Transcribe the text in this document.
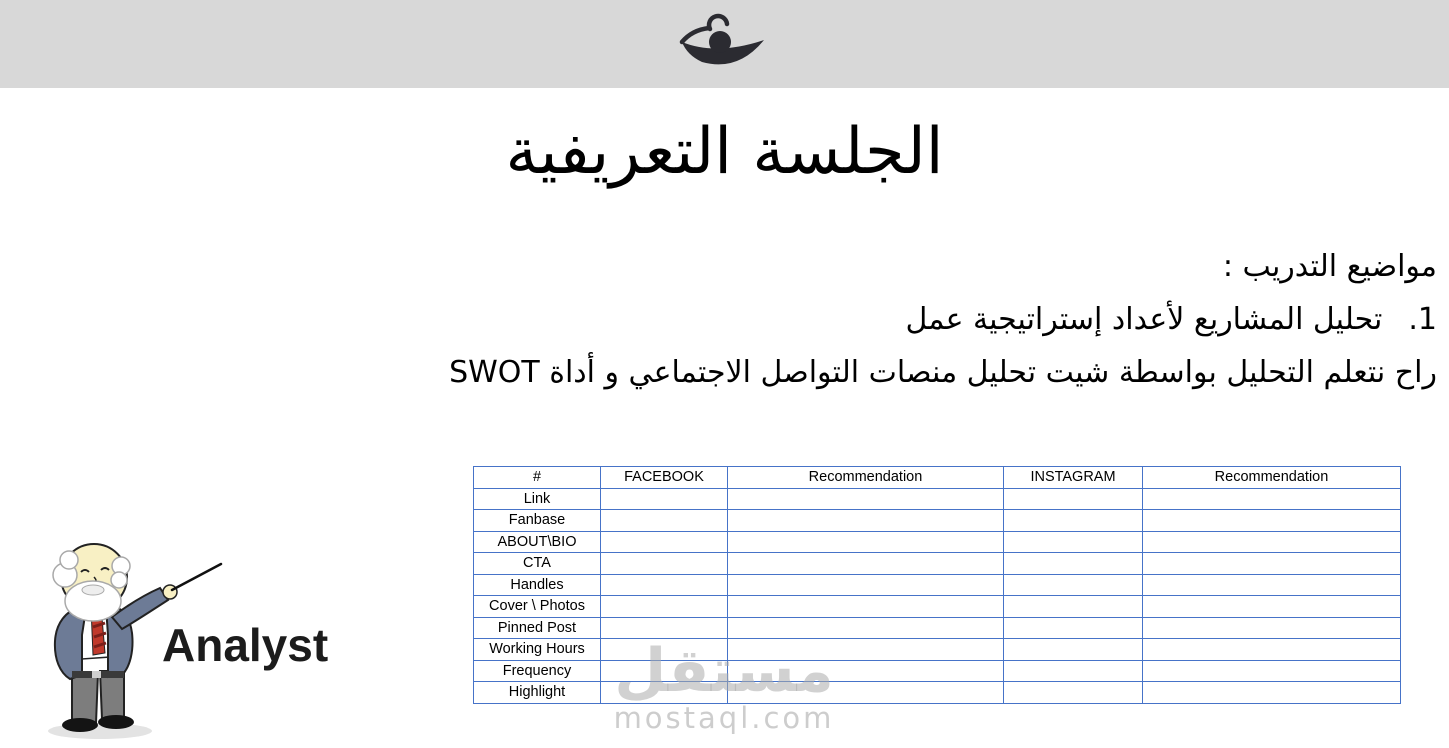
الجلسة التعريفية
مواضيع التدريب :
1.تحليل المشاريع لأعداد إستراتيجية عمل
راح نتعلم التحليل بواسطة شيت تحليل منصات التواصل الاجتماعي و أداة SWOT
#	FACEBOOK	Recommendation	INSTAGRAM	Recommendation
Link				
Fanbase				
ABOUT\BIO				
CTA				
Handles				
Cover \ Photos				
Pinned Post				
Working Hours				
Frequency				
Highlight				
Analyst	مستقل
mostaql.com
